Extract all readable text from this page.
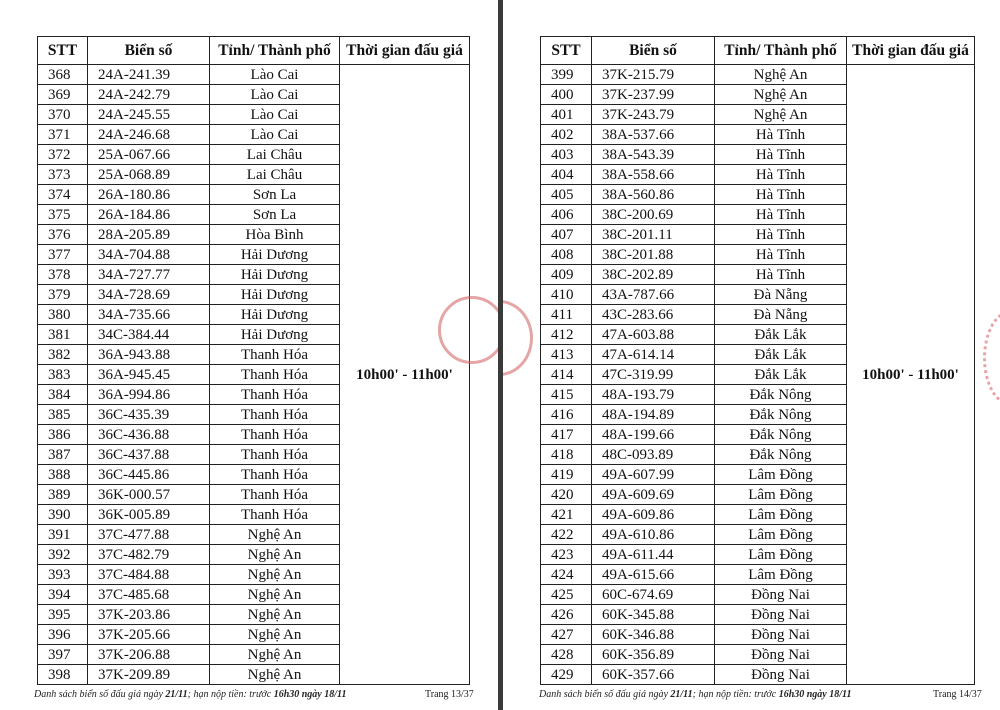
STT	Biển số	Tỉnh/ Thành phố	Thời gian đấu giá
368	24A-241.39	Lào Cai	10h00' - 11h00'
369	24A-242.79	Lào Cai	
370	24A-245.55	Lào Cai	
371	24A-246.68	Lào Cai	
372	25A-067.66	Lai Châu	
373	25A-068.89	Lai Châu	
374	26A-180.86	Sơn La	
375	26A-184.86	Sơn La	
376	28A-205.89	Hòa Bình	
377	34A-704.88	Hải Dương	
378	34A-727.77	Hải Dương	
379	34A-728.69	Hải Dương	
380	34A-735.66	Hải Dương	
381	34C-384.44	Hải Dương	
382	36A-943.88	Thanh Hóa	
383	36A-945.45	Thanh Hóa	
384	36A-994.86	Thanh Hóa	
385	36C-435.39	Thanh Hóa	
386	36C-436.88	Thanh Hóa	
387	36C-437.88	Thanh Hóa	
388	36C-445.86	Thanh Hóa	
389	36K-000.57	Thanh Hóa	
390	36K-005.89	Thanh Hóa	
391	37C-477.88	Nghệ An	
392	37C-482.79	Nghệ An	
393	37C-484.88	Nghệ An	
394	37C-485.68	Nghệ An	
395	37K-203.86	Nghệ An	
396	37K-205.66	Nghệ An	
397	37K-206.88	Nghệ An	
398	37K-209.89	Nghệ An	
Danh sách biển số đấu giá ngày 21/11; hạn nộp tiền: trước 16h30 ngày 18/11	Trang 13/37
STT	Biển số	Tỉnh/ Thành phố	Thời gian đấu giá
399	37K-215.79	Nghệ An	10h00' - 11h00'
400	37K-237.99	Nghệ An	
401	37K-243.79	Nghệ An	
402	38A-537.66	Hà Tĩnh	
403	38A-543.39	Hà Tĩnh	
404	38A-558.66	Hà Tĩnh	
405	38A-560.86	Hà Tĩnh	
406	38C-200.69	Hà Tĩnh	
407	38C-201.11	Hà Tĩnh	
408	38C-201.88	Hà Tĩnh	
409	38C-202.89	Hà Tĩnh	
410	43A-787.66	Đà Nẵng	
411	43C-283.66	Đà Nẵng	
412	47A-603.88	Đắk Lắk	
413	47A-614.14	Đắk Lắk	
414	47C-319.99	Đắk Lắk	
415	48A-193.79	Đắk Nông	
416	48A-194.89	Đắk Nông	
417	48A-199.66	Đắk Nông	
418	48C-093.89	Đắk Nông	
419	49A-607.99	Lâm Đồng	
420	49A-609.69	Lâm Đồng	
421	49A-609.86	Lâm Đồng	
422	49A-610.86	Lâm Đồng	
423	49A-611.44	Lâm Đồng	
424	49A-615.66	Lâm Đồng	
425	60C-674.69	Đồng Nai	
426	60K-345.88	Đồng Nai	
427	60K-346.88	Đồng Nai	
428	60K-356.89	Đồng Nai	
429	60K-357.66	Đồng Nai	
Danh sách biển số đấu giá ngày 21/11; hạn nộp tiền: trước 16h30 ngày 18/11	Trang 14/37
